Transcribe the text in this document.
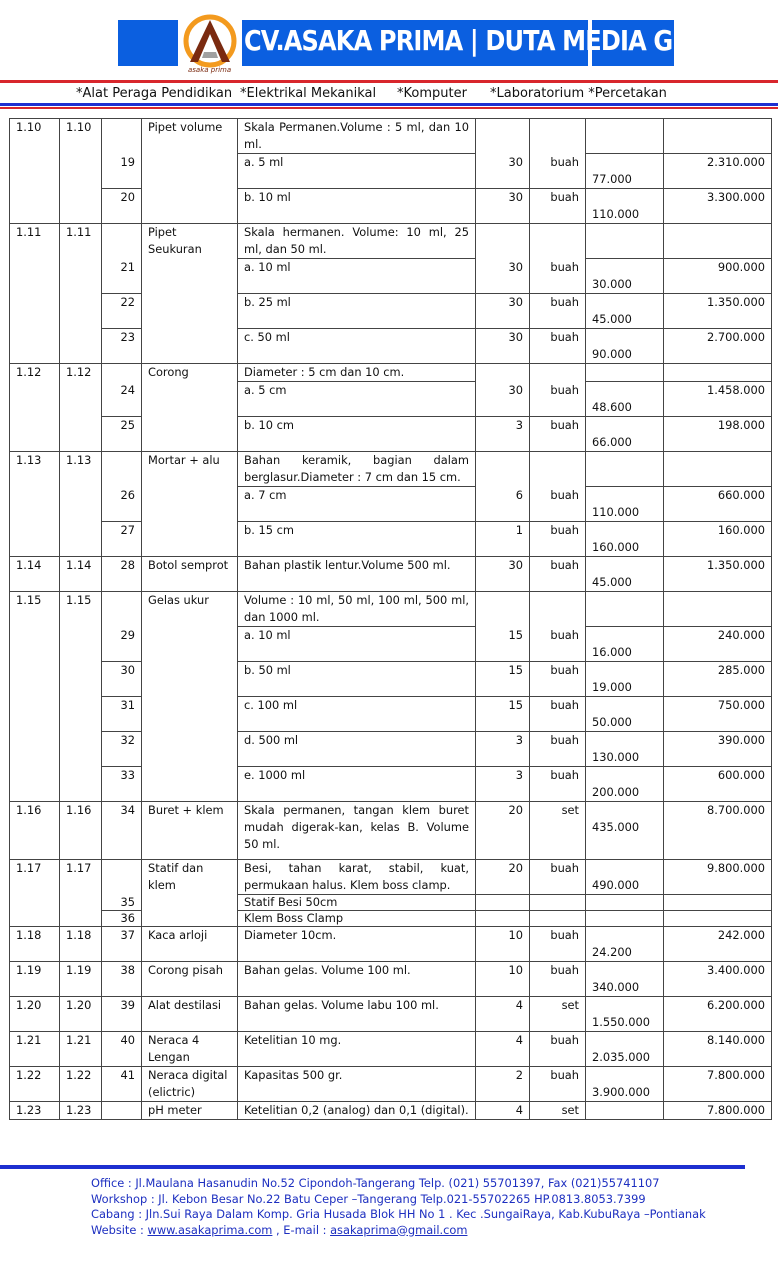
asaka prima
CV.ASAKA PRIMA | DUTA MEDIA GROUP
*Alat Peraga Pendidikan *Elektrikal Mekanikal *Komputer *Laboratorium *Percetakan
1.10	1.10		Pipet volume	Skala Permanen.Volume : 5 ml, dan 10 ml.				
		19		a. 5 ml	30	buah	77.000	2.310.000
		20		b. 10 ml	30	buah	110.000	3.300.000
1.11	1.11		Pipet Seukuran	Skala hermanen. Volume: 10 ml, 25 ml, dan 50 ml.				
		21		a. 10 ml	30	buah	30.000	900.000
		22		b. 25 ml	30	buah	45.000	1.350.000
		23		c. 50 ml	30	buah	90.000	2.700.000
1.12	1.12		Corong	Diameter : 5 cm dan 10 cm.				
		24		a. 5 cm	30	buah	48.600	1.458.000
		25		b. 10 cm	3	buah	66.000	198.000
1.13	1.13		Mortar + alu	Bahan keramik, bagian dalam berglasur.Diameter : 7 cm dan 15 cm.				
		26		a. 7 cm	6	buah	110.000	660.000
		27		b. 15 cm	1	buah	160.000	160.000
1.14	1.14	28	Botol semprot	Bahan plastik lentur.Volume 500 ml.	30	buah	45.000	1.350.000
1.15	1.15		Gelas ukur	Volume : 10 ml, 50 ml, 100 ml, 500 ml, dan 1000 ml.				
		29		a. 10 ml	15	buah	16.000	240.000
		30		b. 50 ml	15	buah	19.000	285.000
		31		c. 100 ml	15	buah	50.000	750.000
		32		d. 500 ml	3	buah	130.000	390.000
		33		e. 1000 ml	3	buah	200.000	600.000
1.16	1.16	34	Buret + klem	Skala permanen, tangan klem buret mudah digerak-kan, kelas B. Volume 50 ml.	20	set	435.000	8.700.000
1.17	1.17		Statif dan klem	Besi, tahan karat, stabil, kuat, permukaan halus. Klem boss clamp.	20	buah	490.000	9.800.000
		35		Statif Besi 50cm				
		36		Klem Boss Clamp				
1.18	1.18	37	Kaca arloji	Diameter 10cm.	10	buah	24.200	242.000
1.19	1.19	38	Corong pisah	Bahan gelas. Volume 100 ml.	10	buah	340.000	3.400.000
1.20	1.20	39	Alat destilasi	Bahan gelas. Volume labu 100 ml.	4	set	1.550.000	6.200.000
1.21	1.21	40	Neraca 4 Lengan	Ketelitian 10 mg.	4	buah	2.035.000	8.140.000
1.22	1.22	41	Neraca digital (elictric)	Kapasitas 500 gr.	2	buah	3.900.000	7.800.000
1.23	1.23		pH meter	Ketelitian 0,2 (analog) dan 0,1 (digital).	4	set		7.800.000
Office : Jl.Maulana Hasanudin No.52 Cipondoh-Tangerang Telp. (021) 55701397, Fax (021)55741107
Workshop : Jl. Kebon Besar No.22 Batu Ceper –Tangerang Telp.021-55702265 HP.0813.8053.7399
Cabang : Jln.Sui Raya Dalam Komp. Gria Husada Blok HH No 1 . Kec .SungaiRaya, Kab.KubuRaya –Pontianak
Website : www.asakaprima.com , E-mail : asakaprima@gmail.com
